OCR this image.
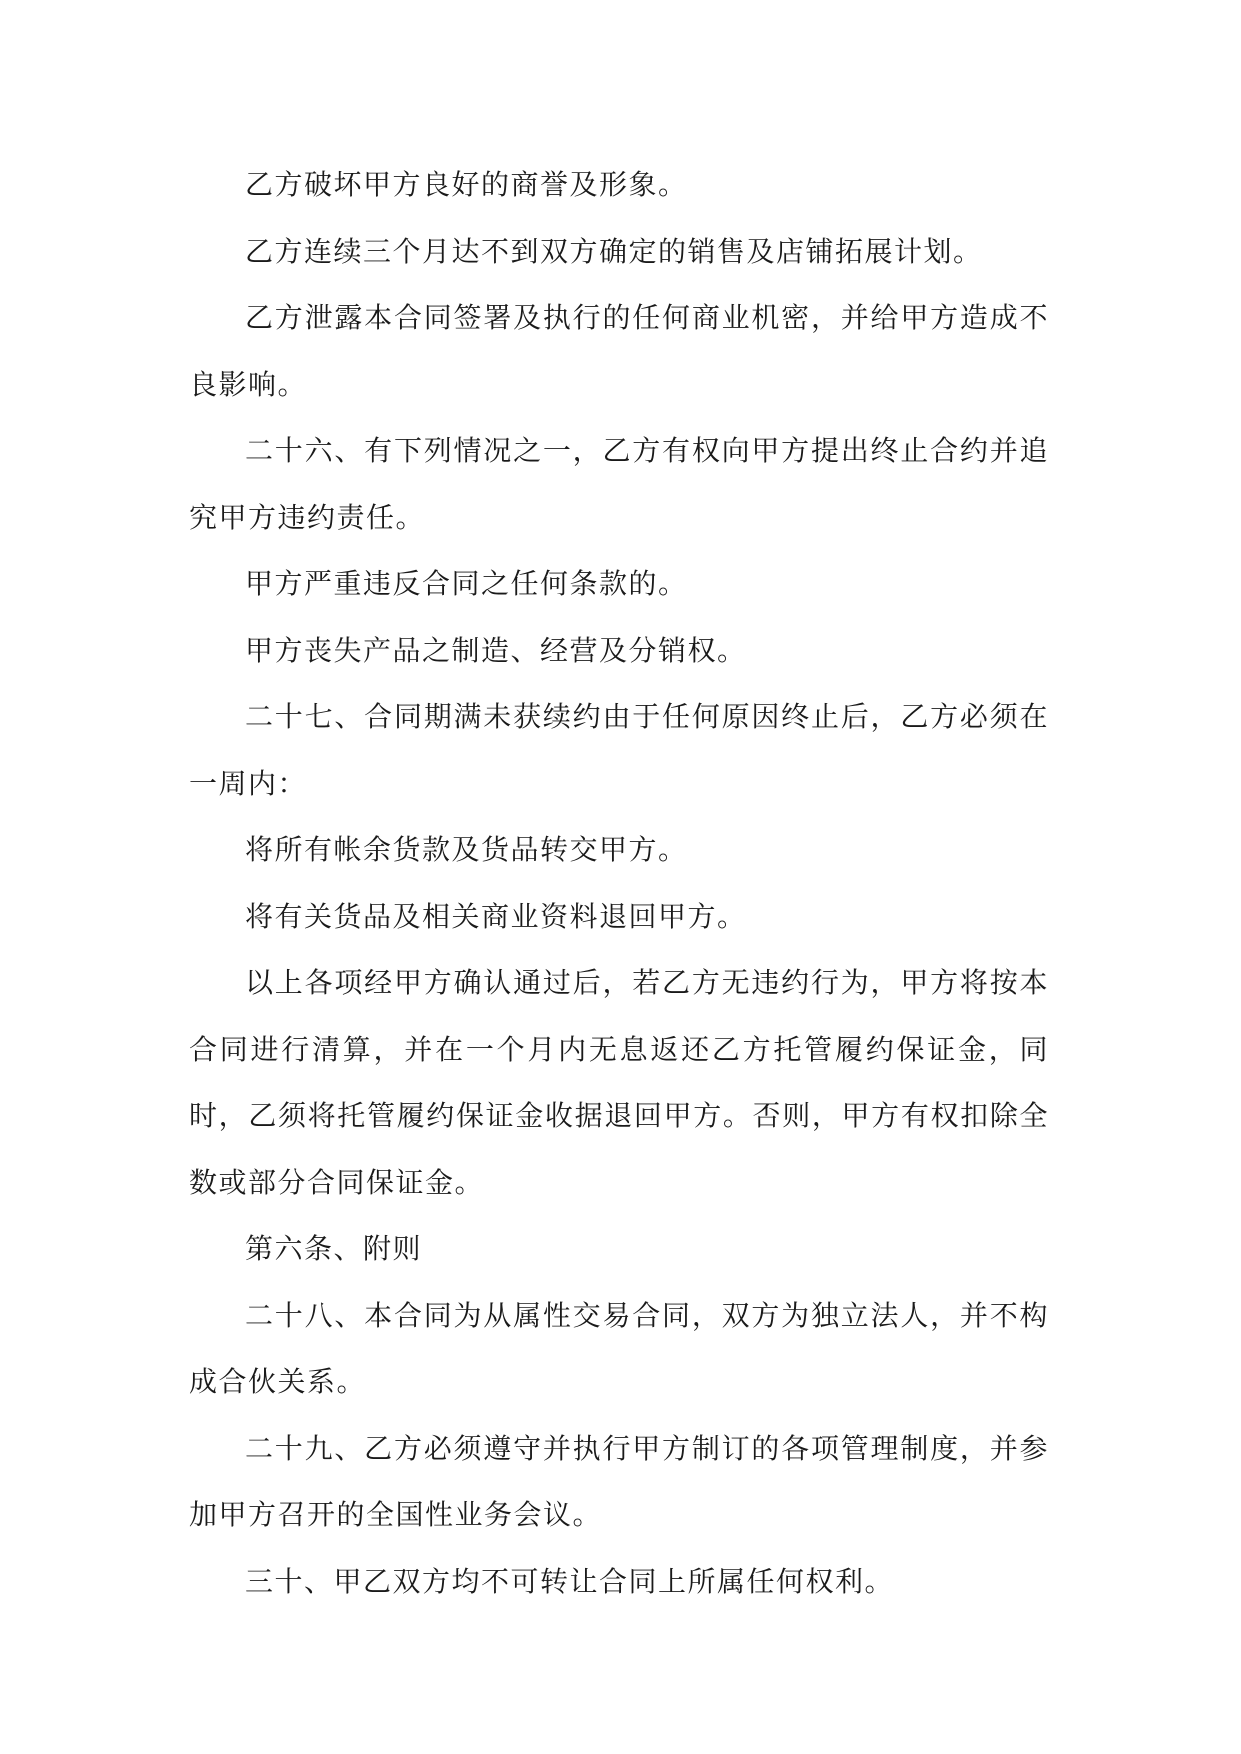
乙方破坏甲方良好的商誉及形象。

乙方连续三个月达不到双方确定的销售及店铺拓展计划。

乙方泄露本合同签署及执行的任何商业机密，并给甲方造成不良影响。

二十六、有下列情况之一，乙方有权向甲方提出终止合约并追究甲方违约责任。

甲方严重违反合同之任何条款的。

甲方丧失产品之制造、经营及分销权。

二十七、合同期满未获续约由于任何原因终止后，乙方必须在一周内：

将所有帐余货款及货品转交甲方。

将有关货品及相关商业资料退回甲方。

以上各项经甲方确认通过后，若乙方无违约行为，甲方将按本合同进行清算，并在一个月内无息返还乙方托管履约保证金，同时，乙须将托管履约保证金收据退回甲方。否则，甲方有权扣除全数或部分合同保证金。

第六条、附则

二十八、本合同为从属性交易合同，双方为独立法人，并不构成合伙关系。

二十九、乙方必须遵守并执行甲方制订的各项管理制度，并参加甲方召开的全国性业务会议。

三十、甲乙双方均不可转让合同上所属任何权利。
